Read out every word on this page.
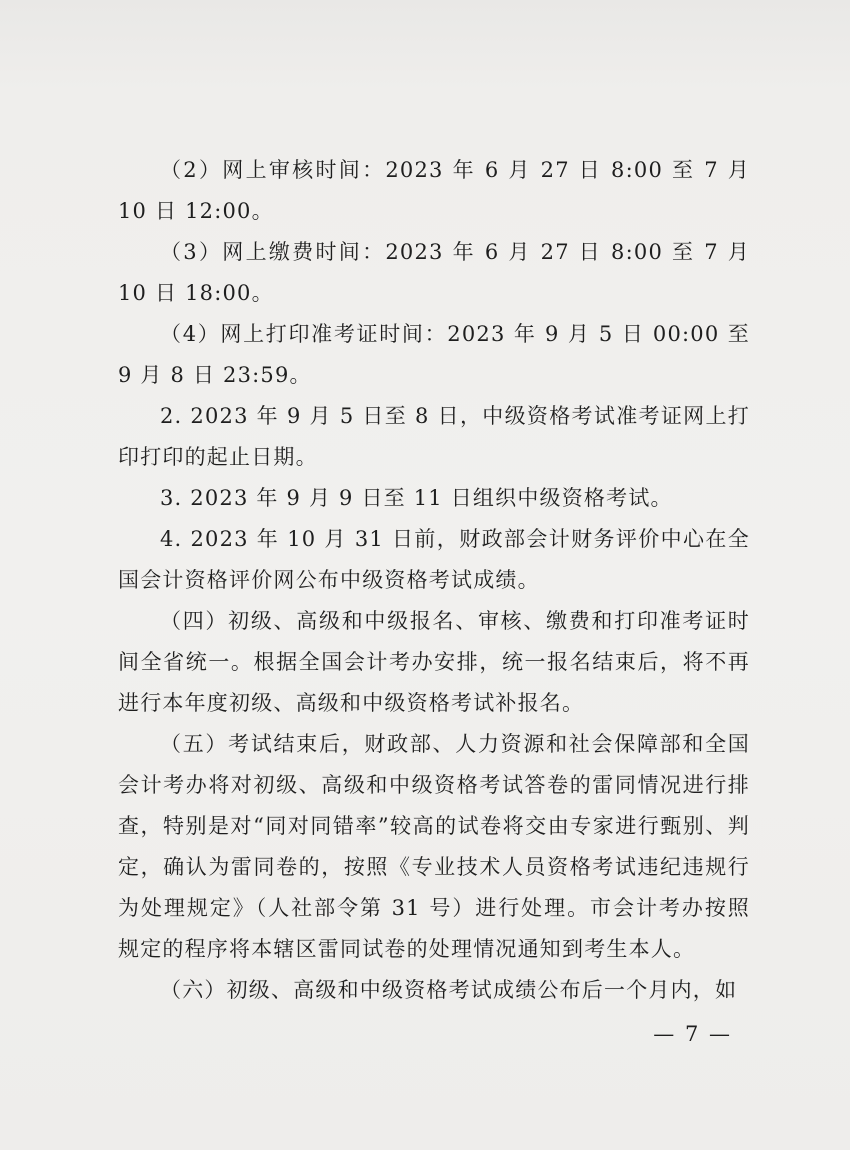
（2）网上审核时间：2023 年 6 月 27 日 8:00 至 7 月 10 日 12:00。

（3）网上缴费时间：2023 年 6 月 27 日 8:00 至 7 月 10 日 18:00。

（4）网上打印准考证时间：2023 年 9 月 5 日 00:00 至 9 月 8 日 23:59。

2. 2023 年 9 月 5 日至 8 日，中级资格考试准考证网上打印打印的起止日期。

3. 2023 年 9 月 9 日至 11 日组织中级资格考试。

4. 2023 年 10 月 31 日前，财政部会计财务评价中心在全国会计资格评价网公布中级资格考试成绩。

（四）初级、高级和中级报名、审核、缴费和打印准考证时间全省统一。根据全国会计考办安排，统一报名结束后，将不再进行本年度初级、高级和中级资格考试补报名。

（五）考试结束后，财政部、人力资源和社会保障部和全国会计考办将对初级、高级和中级资格考试答卷的雷同情况进行排查，特别是对“同对同错率”较高的试卷将交由专家进行甄别、判定，确认为雷同卷的，按照《专业技术人员资格考试违纪违规行为处理规定》（人社部令第 31 号）进行处理。市会计考办按照规定的程序将本辖区雷同试卷的处理情况通知到考生本人。

（六）初级、高级和中级资格考试成绩公布后一个月内，如

— 7 —
